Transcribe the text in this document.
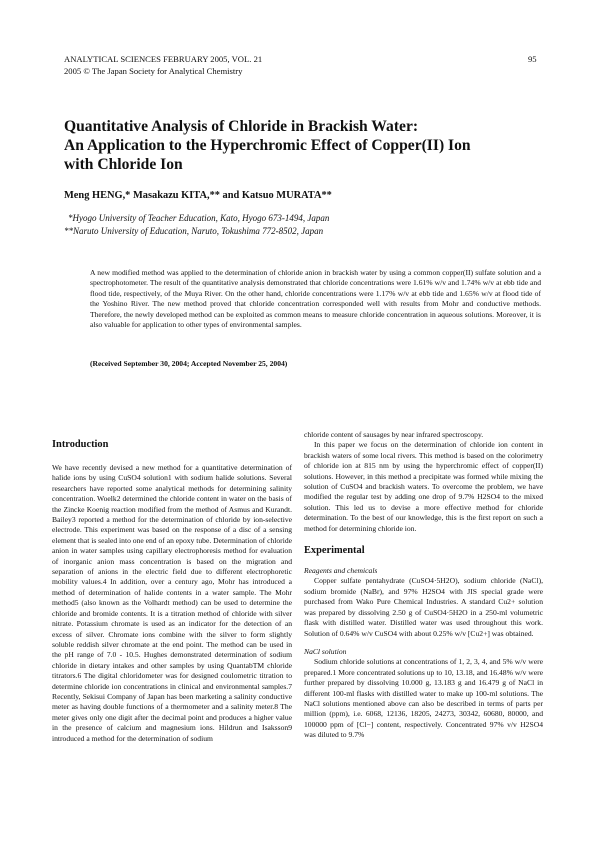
ANALYTICAL SCIENCES FEBRUARY 2005, VOL. 21	95
2005 © The Japan Society for Analytical Chemistry
Quantitative Analysis of Chloride in Brackish Water:
An Application to the Hyperchromic Effect of Copper(II) Ion
with Chloride Ion
Meng HENG,* Masakazu KITA,** and Katsuo MURATA**
*Hyogo University of Teacher Education, Kato, Hyogo 673-1494, Japan
**Naruto University of Education, Naruto, Tokushima 772-8502, Japan
A new modified method was applied to the determination of chloride anion in brackish water by using a common copper(II) sulfate solution and a spectrophotometer. The result of the quantitative analysis demonstrated that chloride concentrations were 1.61% w/v and 1.74% w/v at ebb tide and flood tide, respectively, of the Muya River. On the other hand, chloride concentrations were 1.17% w/v at ebb tide and 1.65% w/v at flood tide of the Yoshino River. The new method proved that chloride concentration corresponded well with results from Mohr and conductive methods. Therefore, the newly developed method can be exploited as common means to measure chloride concentration in aqueous solutions. Moreover, it is also valuable for application to other types of environmental samples.
(Received September 30, 2004; Accepted November 25, 2004)

Introduction

We have recently devised a new method for a quantitative determination of halide ions by using CuSO4 solution1 with sodium halide solutions. Several researchers have reported some analytical methods for determining salinity concentration. Woelk2 determined the chloride content in water on the basis of the Zincke Koenig reaction modified from the method of Asmus and Kurandt. Bailey3 reported a method for the determination of chloride by ion-selective electrode. This experiment was based on the response of a disc of a sensing element that is sealed into one end of an epoxy tube. Determination of chloride anion in water samples using capillary electrophoresis method for evaluation of inorganic anion mass concentration is based on the migration and separation of anions in the electric field due to different electrophoretic mobility values.4 In addition, over a century ago, Mohr has introduced a method of determination of halide contents in a water sample. The Mohr method5 (also known as the Volhardt method) can be used to determine the chloride and bromide contents. It is a titration method of chloride with silver nitrate. Potassium chromate is used as an indicator for the detection of an excess of silver. Chromate ions combine with the silver to form slightly soluble reddish silver chromate at the end point. The method can be used in the pH range of 7.0 - 10.5. Hughes demonstrated determination of sodium chloride in dietary intakes and other samples by using QuantabTM chloride titrators.6 The digital chloridometer was for designed coulometric titration to determine chloride ion concentrations in clinical and environmental samples.7 Recently, Sekisui Company of Japan has been marketing a salinity conductive meter as having double functions of a thermometer and a salinity meter.8 The meter gives only one digit after the decimal point and produces a higher value in the presence of calcium and magnesium ions. Hildrun and Isaksson9 introduced a method for the determination of sodium

chloride content of sausages by near infrared spectroscopy.

In this paper we focus on the determination of chloride ion content in brackish waters of some local rivers. This method is based on the colorimetry of chloride ion at 815 nm by using the hyperchromic effect of copper(II) solutions. However, in this method a precipitate was formed while mixing the solution of CuSO4 and brackish waters. To overcome the problem, we have modified the regular test by adding one drop of 9.7% H2SO4 to the mixed solution. This led us to devise a more effective method for chloride determination. To the best of our knowledge, this is the first report on such a method for determining chloride ion.

Experimental

Reagents and chemicals

Copper sulfate pentahydrate (CuSO4·5H2O), sodium chloride (NaCl), sodium bromide (NaBr), and 97% H2SO4 with JIS special grade were purchased from Wako Pure Chemical Industries. A standard Cu2+ solution was prepared by dissolving 2.50 g of CuSO4·5H2O in a 250-ml volumetric flask with distilled water. Distilled water was used throughout this work. Solution of 0.64% w/v CuSO4 with about 0.25% w/v [Cu2+] was obtained.

NaCl solution

Sodium chloride solutions at concentrations of 1, 2, 3, 4, and 5% w/v were prepared.1 More concentrated solutions up to 10, 13.18, and 16.48% w/v were further prepared by dissolving 10.000 g, 13.183 g and 16.479 g of NaCl in different 100-ml flasks with distilled water to make up 100-ml solutions. The NaCl solutions mentioned above can also be described in terms of parts per million (ppm), i.e. 6068, 12136, 18205, 24273, 30342, 60680, 80000, and 100000 ppm of [Cl−] content, respectively. Concentrated 97% v/v H2SO4 was diluted to 9.7%
